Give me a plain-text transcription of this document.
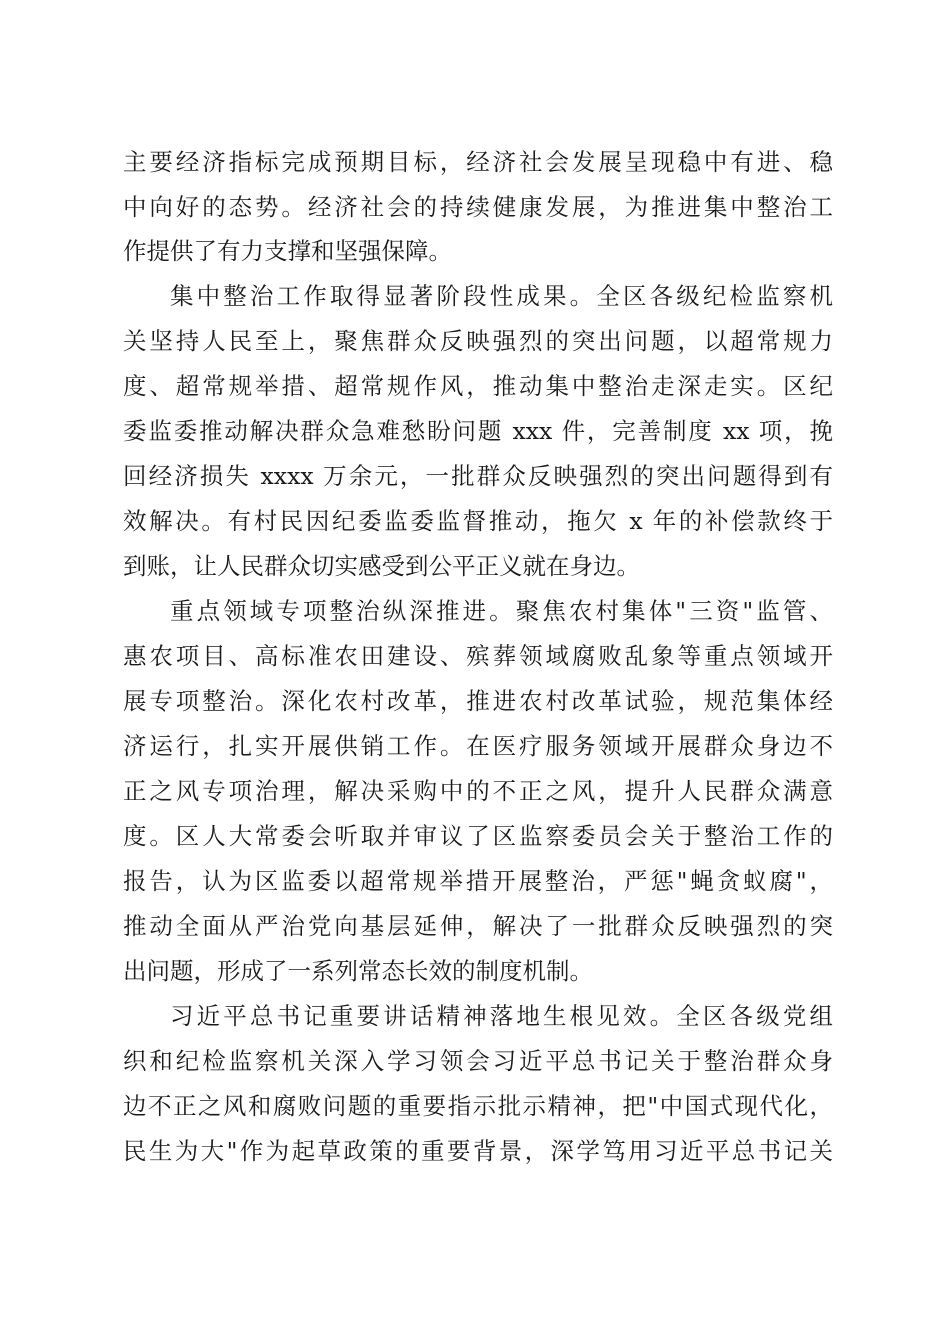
主要经济指标完成预期目标，经济社会发展呈现稳中有进、稳
中向好的态势。经济社会的持续健康发展，为推进集中整治工
作提供了有力支撑和坚强保障。
集中整治工作取得显著阶段性成果。全区各级纪检监察机
关坚持人民至上，聚焦群众反映强烈的突出问题，以超常规力
度、超常规举措、超常规作风，推动集中整治走深走实。区纪
委监委推动解决群众急难愁盼问题 xxx 件，完善制度 xx 项，挽
回经济损失 xxxx 万余元，一批群众反映强烈的突出问题得到有
效解决。有村民因纪委监委监督推动，拖欠 x 年的补偿款终于
到账，让人民群众切实感受到公平正义就在身边。
重点领域专项整治纵深推进。聚焦农村集体"三资"监管、
惠农项目、高标准农田建设、殡葬领域腐败乱象等重点领域开
展专项整治。深化农村改革，推进农村改革试验，规范集体经
济运行，扎实开展供销工作。在医疗服务领域开展群众身边不
正之风专项治理，解决采购中的不正之风，提升人民群众满意
度。区人大常委会听取并审议了区监察委员会关于整治工作的
报告，认为区监委以超常规举措开展整治，严惩"蝇贪蚁腐"，
推动全面从严治党向基层延伸，解决了一批群众反映强烈的突
出问题，形成了一系列常态长效的制度机制。
习近平总书记重要讲话精神落地生根见效。全区各级党组
织和纪检监察机关深入学习领会习近平总书记关于整治群众身
边不正之风和腐败问题的重要指示批示精神，把"中国式现代化，
民生为大"作为起草政策的重要背景，深学笃用习近平总书记关
